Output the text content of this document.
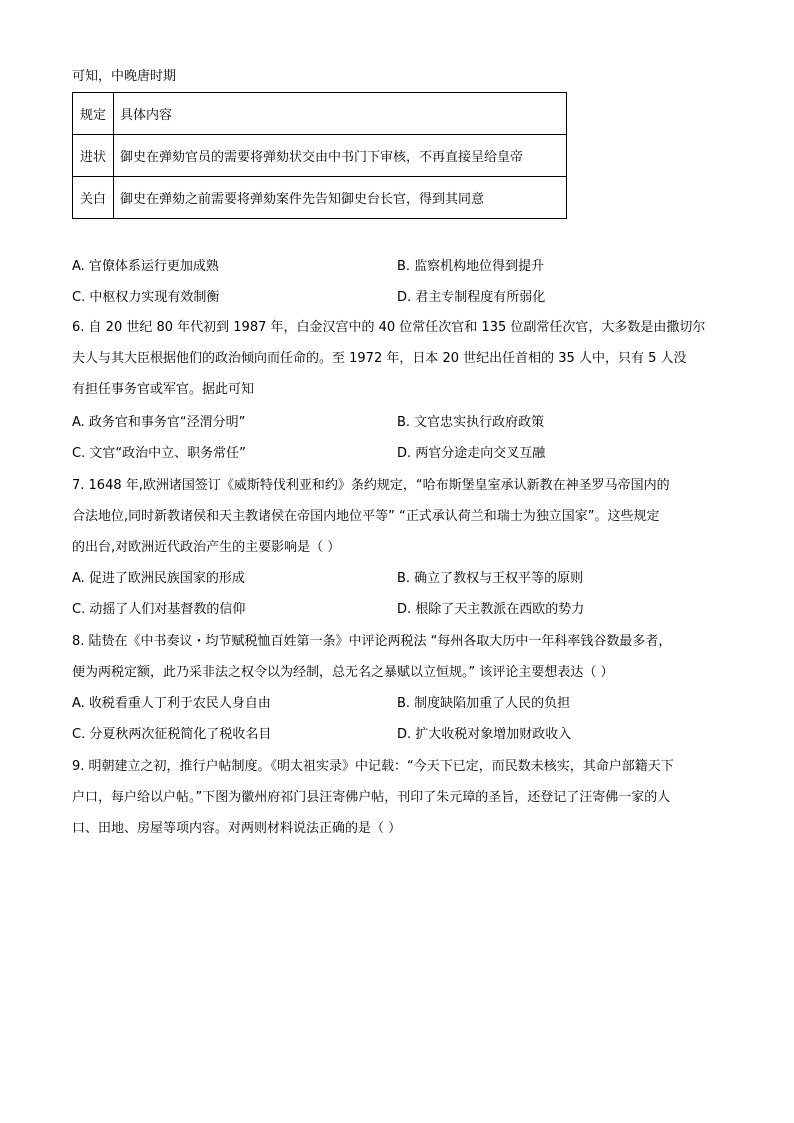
可知，中晚唐时期
规定	具体内容
进状	御史在弹劾官员的需要将弹劾状交由中书门下审核，不再直接呈给皇帝
关白	御史在弹劾之前需要将弹劾案件先告知御史台长官，得到其同意
A. 官僚体系运行更加成熟	B. 监察机构地位得到提升
C. 中枢权力实现有效制衡	D. 君主专制程度有所弱化
6. 自 20 世纪 80 年代初到 1987 年，白金汉宫中的 40 位常任次官和 135 位副常任次官，大多数是由撒切尔
夫人与其大臣根据他们的政治倾向而任命的。至 1972 年，日本 20 世纪出任首相的 35 人中，只有 5 人没
有担任事务官或军官。据此可知
A. 政务官和事务官“泾渭分明”	B. 文官忠实执行政府政策
C. 文官“政治中立、职务常任”	D. 两官分途走向交叉互融
7. 1648 年,欧洲诸国签订《威斯特伐利亚和约》条约规定，“哈布斯堡皇室承认新教在神圣罗马帝国内的
合法地位,同时新教诸侯和天主教诸侯在帝国内地位平等” “正式承认荷兰和瑞士为独立国家”。这些规定
的出台,对欧洲近代政治产生的主要影响是（ ）
A. 促进了欧洲民族国家的形成	B. 确立了教权与王权平等的原则
C. 动摇了人们对基督教的信仰	D. 根除了天主教派在西欧的势力
8. 陆贽在《中书奏议・均节赋税恤百姓第一条》中评论两税法 “每州各取大历中一年科率钱谷数最多者，
便为两税定额，此乃采非法之权令以为经制，总无名之暴赋以立恒规。” 该评论主要想表达（ ）
A. 收税看重人丁利于农民人身自由	B. 制度缺陷加重了人民的负担
C. 分夏秋两次征税简化了税收名目	D. 扩大收税对象增加财政收入
9. 明朝建立之初，推行户帖制度。《明太祖实录》中记载：“今天下已定，而民数未核实，其命户部籍天下
户口，每户给以户帖。”下图为徽州府祁门县汪寄佛户帖，刊印了朱元璋的圣旨，还登记了汪寄佛一家的人
口、田地、房屋等项内容。对两则材料说法正确的是（ ）
